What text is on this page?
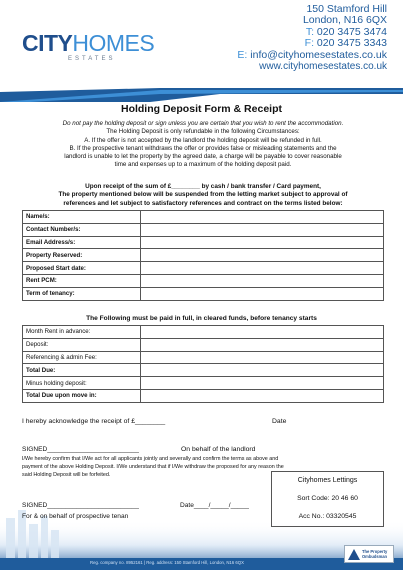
CITYHOMES
ESTATES
150 Stamford Hill
London, N16 6QX
T: 020 3475 3474
F: 020 3475 3343
E: info@cityhomesestates.co.uk
www.cityhomesestates.co.uk
Holding Deposit Form & Receipt
Do not pay the holding deposit or sign unless you are certain that you wish to rent the accommodation.
The Holding Deposit is only refundable in the following Circumstances:
A. If the offer is not accepted by the landlord the holding deposit will be refunded in full.
B. If the prospective tenant withdraws the offer or provides false or misleading statements and the
landlord is unable to let the property by the agreed date, a charge will be payable to cover reasonable
time and expenses up to a maximum of the holding deposit paid.
Upon receipt of the sum of £________ by cash / bank transfer / Card payment,
The property mentioned below will be suspended from the letting market subject to approval of
references and let subject to satisfactory references and contract on the terms listed below:
Name/s:	
Contact Number/s:	
Email Address/s:	
Property Reserved:	
Proposed Start date:	
Rent PCM:	
Term of tenancy:	
The Following must be paid in full, in cleared funds, before tenancy starts
Month Rent in advance:	
Deposit:	
Referencing & admin Fee:	
Total Due:	
Minus holding deposit:	
Total Due upon move in:	
I hereby acknowledge the receipt of £________	Date
SIGNED_________________________	On behalf of the landlord
I/We hereby confirm that I/We act for all applicants jointly and severally and confirm the terms as above and
payment of the above Holding Deposit. I/We understand that if I/We withdraw the proposed for any reason the
said Holding Deposit will be forfeited.
Cityhomes Lettings
Sort Code: 20 46 60
Acc No.: 03320545
SIGNED_________________________	Date____/_____/_____
For & on behalf of prospective tenan
Reg. company no. 8952161 | Reg. address: 150 Stamford Hill, London, N16 6QX
The Property
Ombudsman
